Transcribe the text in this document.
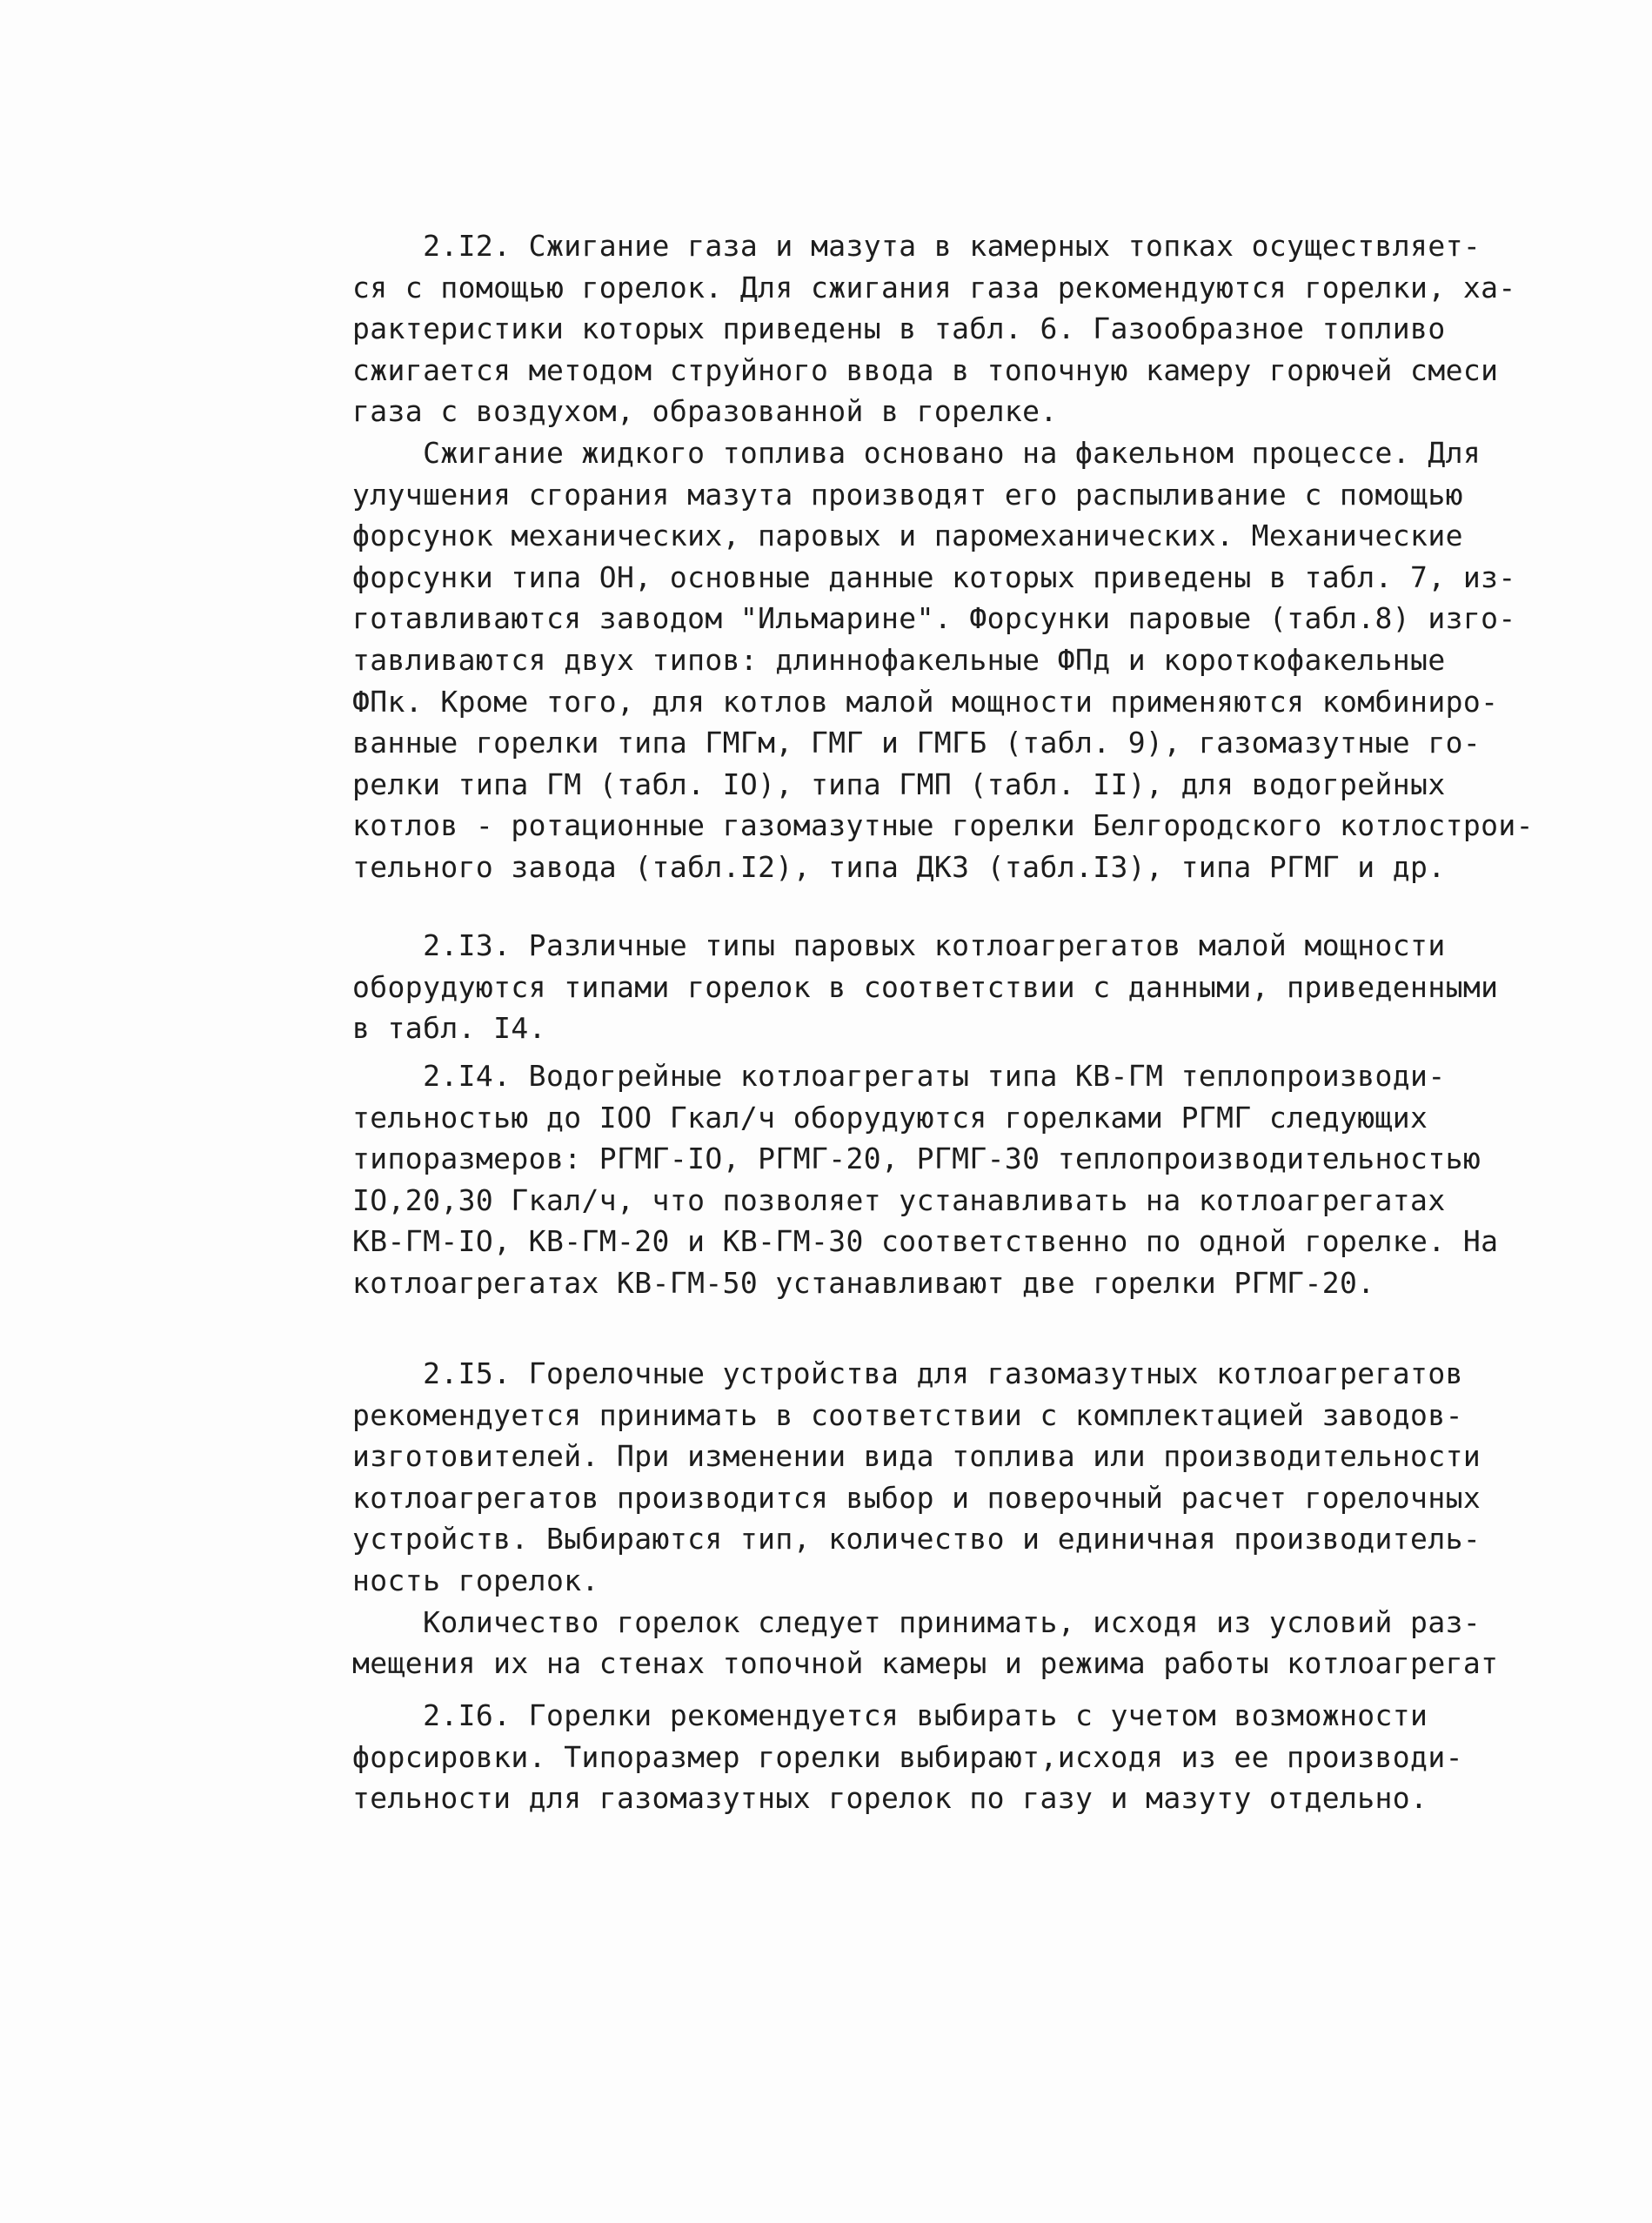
2.I2. Сжигание газа и мазута в камерных топках осуществляет-
ся с помощью горелок. Для сжигания газа рекомендуются горелки, ха-
рактеристики которых приведены в табл. 6. Газообразное топливо
сжигается методом струйного ввода в топочную камеру горючей смеси
газа с воздухом, образованной в горелке.
Сжигание жидкого топлива основано на факельном процессе. Для
улучшения сгорания мазута производят его распыливание с помощью
форсунок механических, паровых и паромеханических. Механические
форсунки типа ОН, основные данные которых приведены в табл. 7, из-
готавливаются заводом "Ильмарине". Форсунки паровые (табл.8) изго-
тавливаются двух типов: длиннофакельные ФПд и короткофакельные
ФПк. Кроме того, для котлов малой мощности применяются комбиниро-
ванные горелки типа ГМГм, ГМГ и ГМГБ (табл. 9), газомазутные го-
релки типа ГМ (табл. IO), типа ГМП (табл. II), для водогрейных
котлов - ротационные газомазутные горелки Белгородского котлострои-
тельного завода (табл.I2), типа ДКЗ (табл.I3), типа РГМГ и др.
2.I3. Различные типы паровых котлоагрегатов малой мощности
оборудуются типами горелок в соответствии с данными, приведенными
в табл. I4.
2.I4. Водогрейные котлоагрегаты типа КВ-ГМ теплопроизводи-
тельностью до IOO Гкал/ч оборудуются горелками РГМГ следующих
типоразмеров: РГМГ-IO, РГМГ-20, РГМГ-30 теплопроизводительностью
IO,20,30 Гкал/ч, что позволяет устанавливать на котлоагрегатах
КВ-ГМ-IO, КВ-ГМ-20 и КВ-ГМ-30 соответственно по одной горелке. На
котлоагрегатах КВ-ГМ-50 устанавливают две горелки РГМГ-20.
2.I5. Горелочные устройства для газомазутных котлоагрегатов
рекомендуется принимать в соответствии с комплектацией заводов-
изготовителей. При изменении вида топлива или производительности
котлоагрегатов производится выбор и поверочный расчет горелочных
устройств. Выбираются тип, количество и единичная производитель-
ность горелок.
Количество горелок следует принимать, исходя из условий раз-
мещения их на стенах топочной камеры и режима работы котлоагрегат
2.I6. Горелки рекомендуется выбирать с учетом возможности
форсировки. Типоразмер горелки выбирают,исходя из ее производи-
тельности для газомазутных горелок по газу и мазуту отдельно.
